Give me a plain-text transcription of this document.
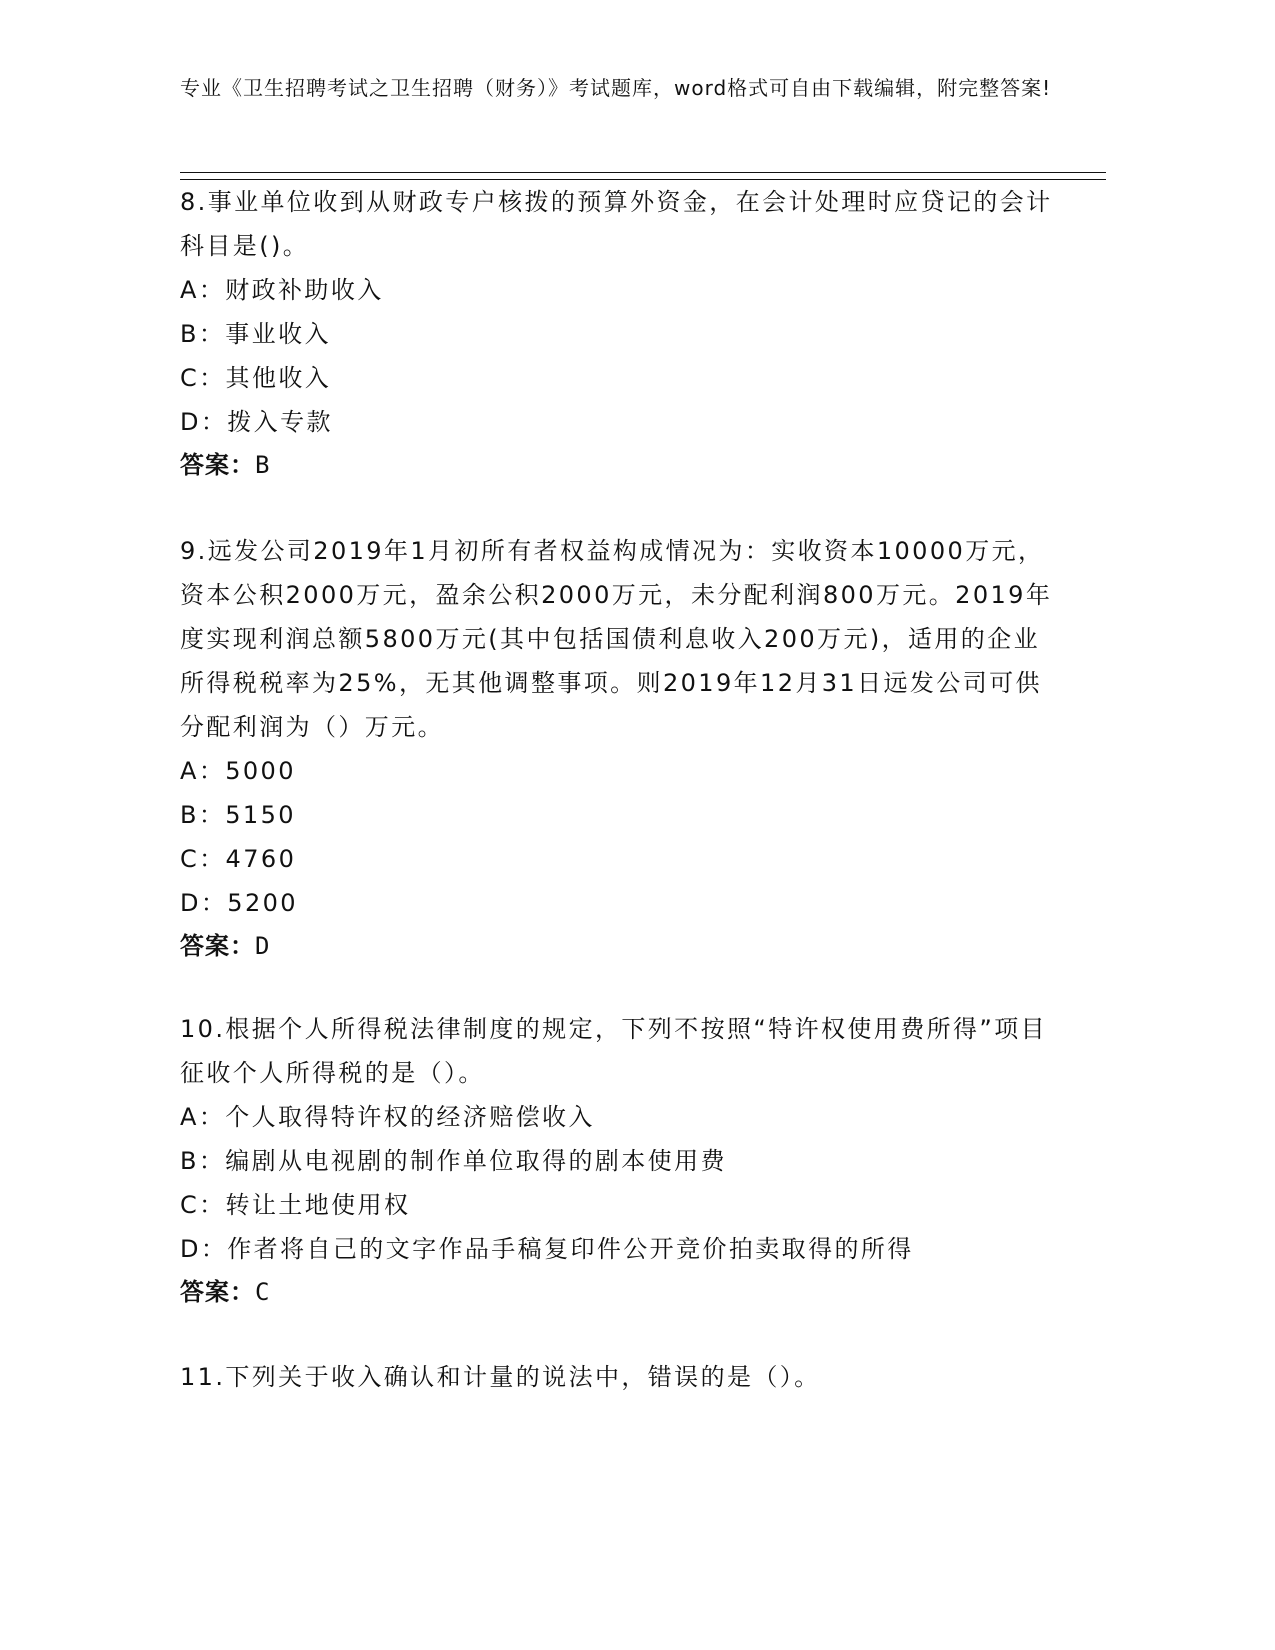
专业《卫生招聘考试之卫生招聘（财务）》考试题库，word格式可自由下载编辑，附完整答案!
8.事业单位收到从财政专户核拨的预算外资金，在会计处理时应贷记的会计科目是()。
A：财政补助收入
B：事业收入
C：其他收入
D：拨入专款
答案：B
9.远发公司2019年1月初所有者权益构成情况为：实收资本10000万元，资本公积2000万元，盈余公积2000万元，未分配利润800万元。2019年度实现利润总额5800万元(其中包括国债利息收入200万元)，适用的企业所得税税率为25%，无其他调整事项。则2019年12月31日远发公司可供分配利润为（）万元。
A：5000
B：5150
C：4760
D：5200
答案：D
10.根据个人所得税法律制度的规定，下列不按照“特许权使用费所得”项目征收个人所得税的是（）。
A：个人取得特许权的经济赔偿收入
B：编剧从电视剧的制作单位取得的剧本使用费
C：转让土地使用权
D：作者将自己的文字作品手稿复印件公开竞价拍卖取得的所得
答案：C
11.下列关于收入确认和计量的说法中，错误的是（）。
